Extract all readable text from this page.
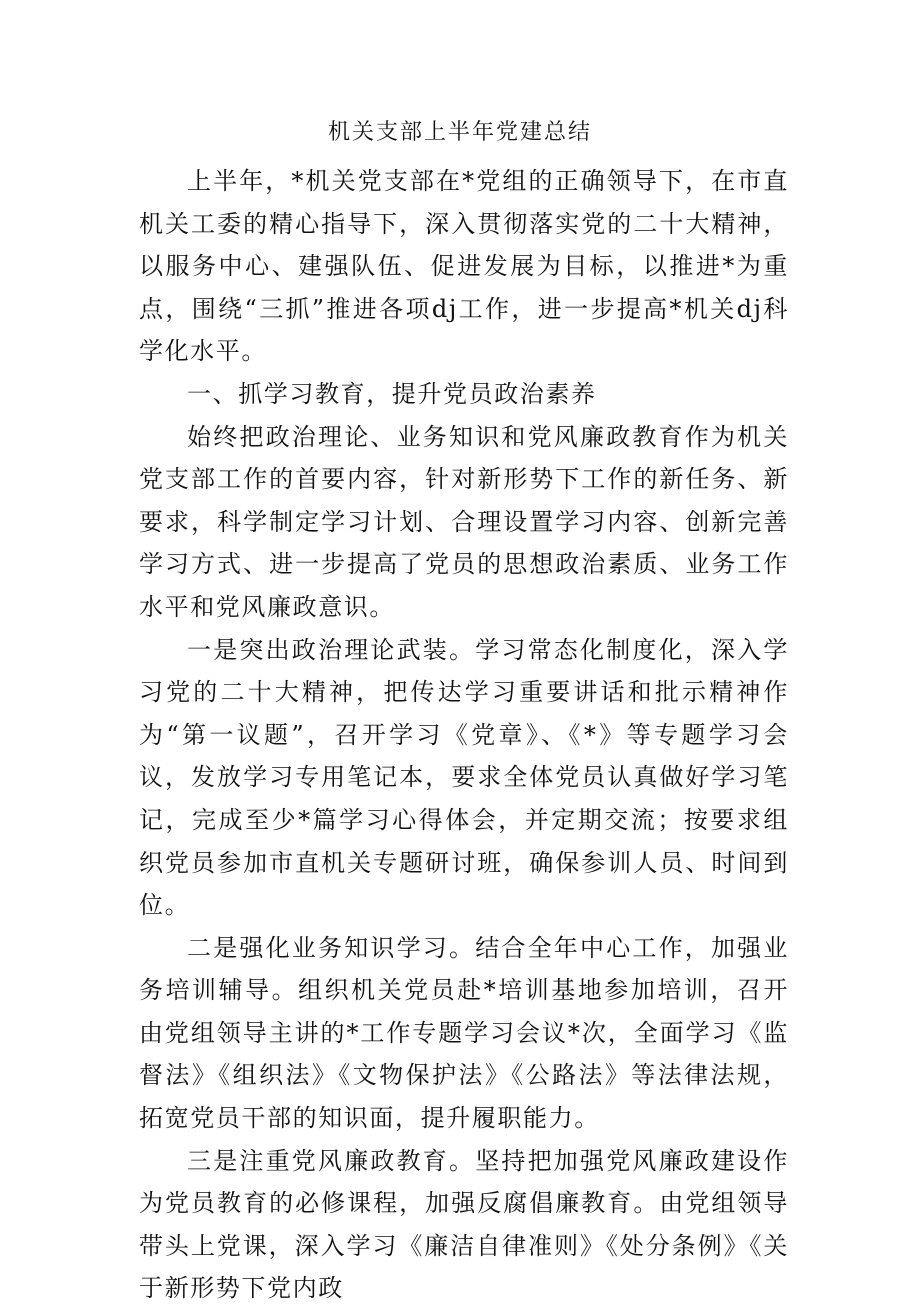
机关支部上半年党建总结

上半年，*机关党支部在*党组的正确领导下，在市直机关工委的精心指导下，深入贯彻落实党的二十大精神，以服务中心、建强队伍、促进发展为目标，以推进*为重点，围绕“三抓”推进各项dj工作，进一步提高*机关dj科学化水平。

一、抓学习教育，提升党员政治素养

始终把政治理论、业务知识和党风廉政教育作为机关党支部工作的首要内容，针对新形势下工作的新任务、新要求，科学制定学习计划、合理设置学习内容、创新完善学习方式、进一步提高了党员的思想政治素质、业务工作水平和党风廉政意识。

一是突出政治理论武装。学习常态化制度化，深入学习党的二十大精神，把传达学习重要讲话和批示精神作为“第一议题”，召开学习《党章》、《*》等专题学习会议，发放学习专用笔记本，要求全体党员认真做好学习笔记，完成至少*篇学习心得体会，并定期交流；按要求组织党员参加市直机关专题研讨班，确保参训人员、时间到位。

二是强化业务知识学习。结合全年中心工作，加强业务培训辅导。组织机关党员赴*培训基地参加培训，召开由党组领导主讲的*工作专题学习会议*次，全面学习《监督法》《组织法》《文物保护法》《公路法》等法律法规，拓宽党员干部的知识面，提升履职能力。

三是注重党风廉政教育。坚持把加强党风廉政建设作为党员教育的必修课程，加强反腐倡廉教育。由党组领导带头上党课，深入学习《廉洁自律准则》《处分条例》《关于新形势下党内政
